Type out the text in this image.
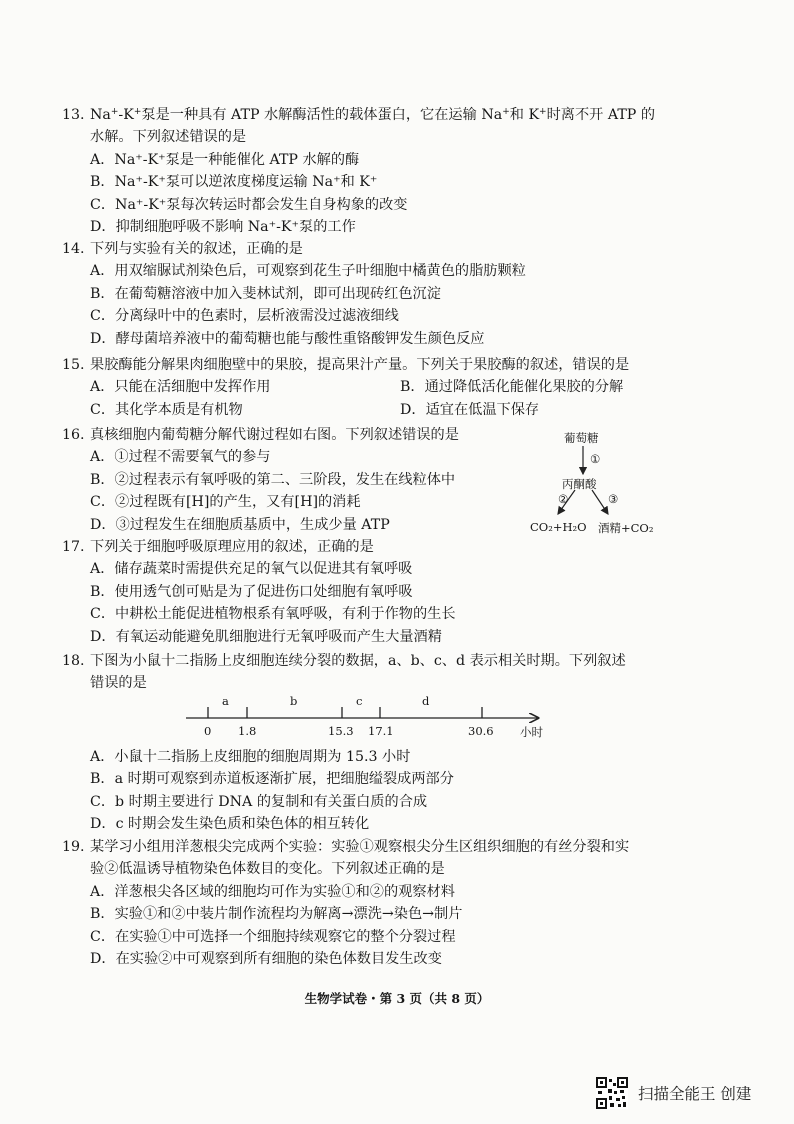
13. Na+-K+泵是一种具有 ATP 水解酶活性的载体蛋白，它在运输 Na+和 K+时离不开 ATP 的
水解。下列叙述错误的是
A．Na⁺-K⁺泵是一种能催化 ATP 水解的酶
B．Na⁺-K⁺泵可以逆浓度梯度运输 Na⁺和 K⁺
C．Na⁺-K⁺泵每次转运时都会发生自身构象的改变
D．抑制细胞呼吸不影响 Na⁺-K⁺泵的工作
14. 下列与实验有关的叙述，正确的是
A．用双缩脲试剂染色后，可观察到花生子叶细胞中橘黄色的脂肪颗粒
B．在葡萄糖溶液中加入斐林试剂，即可出现砖红色沉淀
C．分离绿叶中的色素时，层析液需没过滤液细线
D．酵母菌培养液中的葡萄糖也能与酸性重铬酸钾发生颜色反应
15. 果胶酶能分解果肉细胞壁中的果胶，提高果汁产量。下列关于果胶酶的叙述，错误的是
A．只能在活细胞中发挥作用	B．通过降低活化能催化果胶的分解
C．其化学本质是有机物	D．适宜在低温下保存
16. 真核细胞内葡萄糖分解代谢过程如右图。下列叙述错误的是
A．①过程不需要氧气的参与
B．②过程表示有氧呼吸的第二、三阶段，发生在线粒体中
C．②过程既有[H]的产生，又有[H]的消耗
D．③过程发生在细胞质基质中，生成少量 ATP
葡萄糖
①
丙酮酸
②	③
CO₂+H₂O 酒精+CO₂
17. 下列关于细胞呼吸原理应用的叙述，正确的是
A．储存蔬菜时需提供充足的氧气以促进其有氧呼吸
B．使用透气创可贴是为了促进伤口处细胞有氧呼吸
C．中耕松土能促进植物根系有氧呼吸，有利于作物的生长
D．有氧运动能避免肌细胞进行无氧呼吸而产生大量酒精
18. 下图为小鼠十二指肠上皮细胞连续分裂的数据，a、b、c、d 表示相关时期。下列叙述
错误的是
a	b	c	d
0 1.8	15.3 17.1	30.6 小时
A．小鼠十二指肠上皮细胞的细胞周期为 15.3 小时
B．a 时期可观察到赤道板逐渐扩展，把细胞缢裂成两部分
C．b 时期主要进行 DNA 的复制和有关蛋白质的合成
D．c 时期会发生染色质和染色体的相互转化
19. 某学习小组用洋葱根尖完成两个实验：实验①观察根尖分生区组织细胞的有丝分裂和实
验②低温诱导植物染色体数目的变化。下列叙述正确的是
A．洋葱根尖各区域的细胞均可作为实验①和②的观察材料
B．实验①和②中装片制作流程均为解离→漂洗→染色→制片
C．在实验①中可选择一个细胞持续观察它的整个分裂过程
D．在实验②中可观察到所有细胞的染色体数目发生改变
生物学试卷・第 3 页（共 8 页）
扫描全能王 创建
